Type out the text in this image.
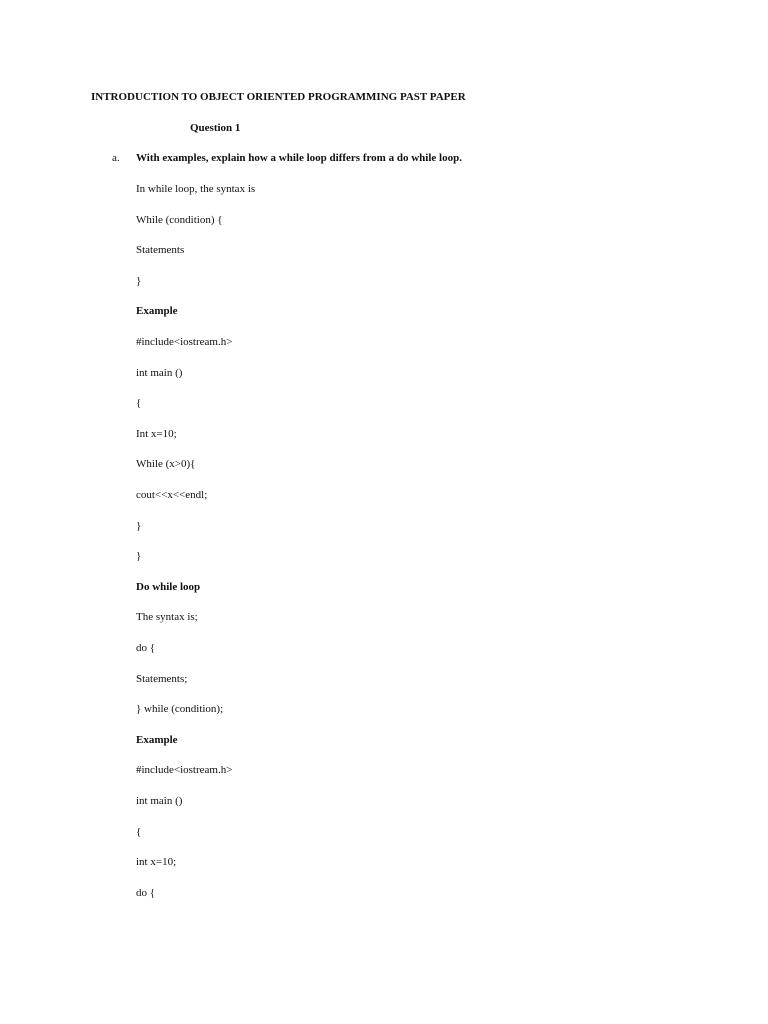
INTRODUCTION TO OBJECT ORIENTED PROGRAMMING PAST PAPER
Question 1
a. With examples, explain how a while loop differs from a do while loop.
In while loop, the syntax is
While (condition) {
Statements
}
Example
#include<iostream.h>
int main ()
{
Int x=10;
While (x>0){
cout<<x<<endl;
}
}
Do while loop
The syntax is;
do {
Statements;
} while (condition);
Example
#include<iostream.h>
int main ()
{
int x=10;
do {
